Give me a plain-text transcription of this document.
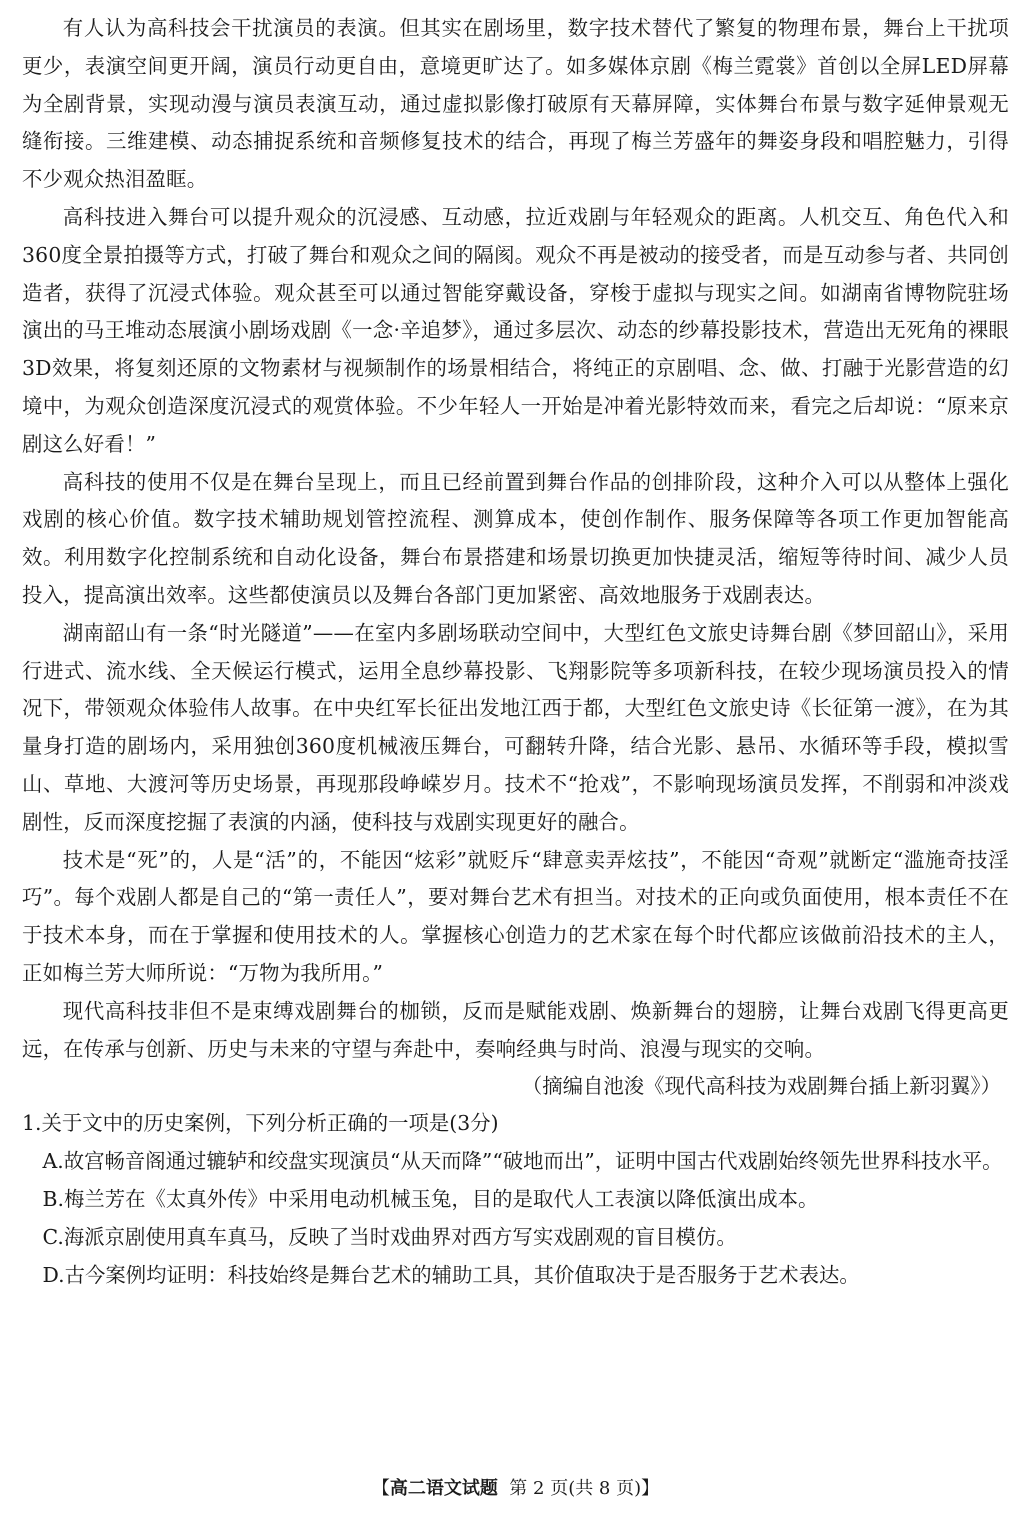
有人认为高科技会干扰演员的表演。但其实在剧场里，数字技术替代了繁复的物理布景，舞台上干扰项更少，表演空间更开阔，演员行动更自由，意境更旷达了。如多媒体京剧《梅兰霓裳》首创以全屏LED屏幕为全剧背景，实现动漫与演员表演互动，通过虚拟影像打破原有天幕屏障，实体舞台布景与数字延伸景观无缝衔接。三维建模、动态捕捉系统和音频修复技术的结合，再现了梅兰芳盛年的舞姿身段和唱腔魅力，引得不少观众热泪盈眶。

高科技进入舞台可以提升观众的沉浸感、互动感，拉近戏剧与年轻观众的距离。人机交互、角色代入和360度全景拍摄等方式，打破了舞台和观众之间的隔阂。观众不再是被动的接受者，而是互动参与者、共同创造者，获得了沉浸式体验。观众甚至可以通过智能穿戴设备，穿梭于虚拟与现实之间。如湖南省博物院驻场演出的马王堆动态展演小剧场戏剧《一念·辛追梦》，通过多层次、动态的纱幕投影技术，营造出无死角的裸眼3D效果，将复刻还原的文物素材与视频制作的场景相结合，将纯正的京剧唱、念、做、打融于光影营造的幻境中，为观众创造深度沉浸式的观赏体验。不少年轻人一开始是冲着光影特效而来，看完之后却说：“原来京剧这么好看！”

高科技的使用不仅是在舞台呈现上，而且已经前置到舞台作品的创排阶段，这种介入可以从整体上强化戏剧的核心价值。数字技术辅助规划管控流程、测算成本，使创作制作、服务保障等各项工作更加智能高效。利用数字化控制系统和自动化设备，舞台布景搭建和场景切换更加快捷灵活，缩短等待时间、减少人员投入，提高演出效率。这些都使演员以及舞台各部门更加紧密、高效地服务于戏剧表达。

湖南韶山有一条“时光隧道”——在室内多剧场联动空间中，大型红色文旅史诗舞台剧《梦回韶山》，采用行进式、流水线、全天候运行模式，运用全息纱幕投影、飞翔影院等多项新科技，在较少现场演员投入的情况下，带领观众体验伟人故事。在中央红军长征出发地江西于都，大型红色文旅史诗《长征第一渡》，在为其量身打造的剧场内，采用独创360度机械液压舞台，可翻转升降，结合光影、悬吊、水循环等手段，模拟雪山、草地、大渡河等历史场景，再现那段峥嵘岁月。技术不“抢戏”，不影响现场演员发挥，不削弱和冲淡戏剧性，反而深度挖掘了表演的内涵，使科技与戏剧实现更好的融合。

技术是“死”的，人是“活”的，不能因“炫彩”就贬斥“肆意卖弄炫技”，不能因“奇观”就断定“滥施奇技淫巧”。每个戏剧人都是自己的“第一责任人”，要对舞台艺术有担当。对技术的正向或负面使用，根本责任不在于技术本身，而在于掌握和使用技术的人。掌握核心创造力的艺术家在每个时代都应该做前沿技术的主人，正如梅兰芳大师所说：“万物为我所用。”

现代高科技非但不是束缚戏剧舞台的枷锁，反而是赋能戏剧、焕新舞台的翅膀，让舞台戏剧飞得更高更远，在传承与创新、历史与未来的守望与奔赴中，奏响经典与时尚、浪漫与现实的交响。

（摘编自池浚《现代高科技为戏剧舞台插上新羽翼》）

1.关于文中的历史案例，下列分析正确的一项是(3分)

A.故宫畅音阁通过辘轳和绞盘实现演员“从天而降”“破地而出”，证明中国古代戏剧始终领先世界科技水平。

B.梅兰芳在《太真外传》中采用电动机械玉兔，目的是取代人工表演以降低演出成本。

C.海派京剧使用真车真马，反映了当时戏曲界对西方写实戏剧观的盲目模仿。

D.古今案例均证明：科技始终是舞台艺术的辅助工具，其价值取决于是否服务于艺术表达。

【高二语文试题 第 2 页(共 8 页)】
